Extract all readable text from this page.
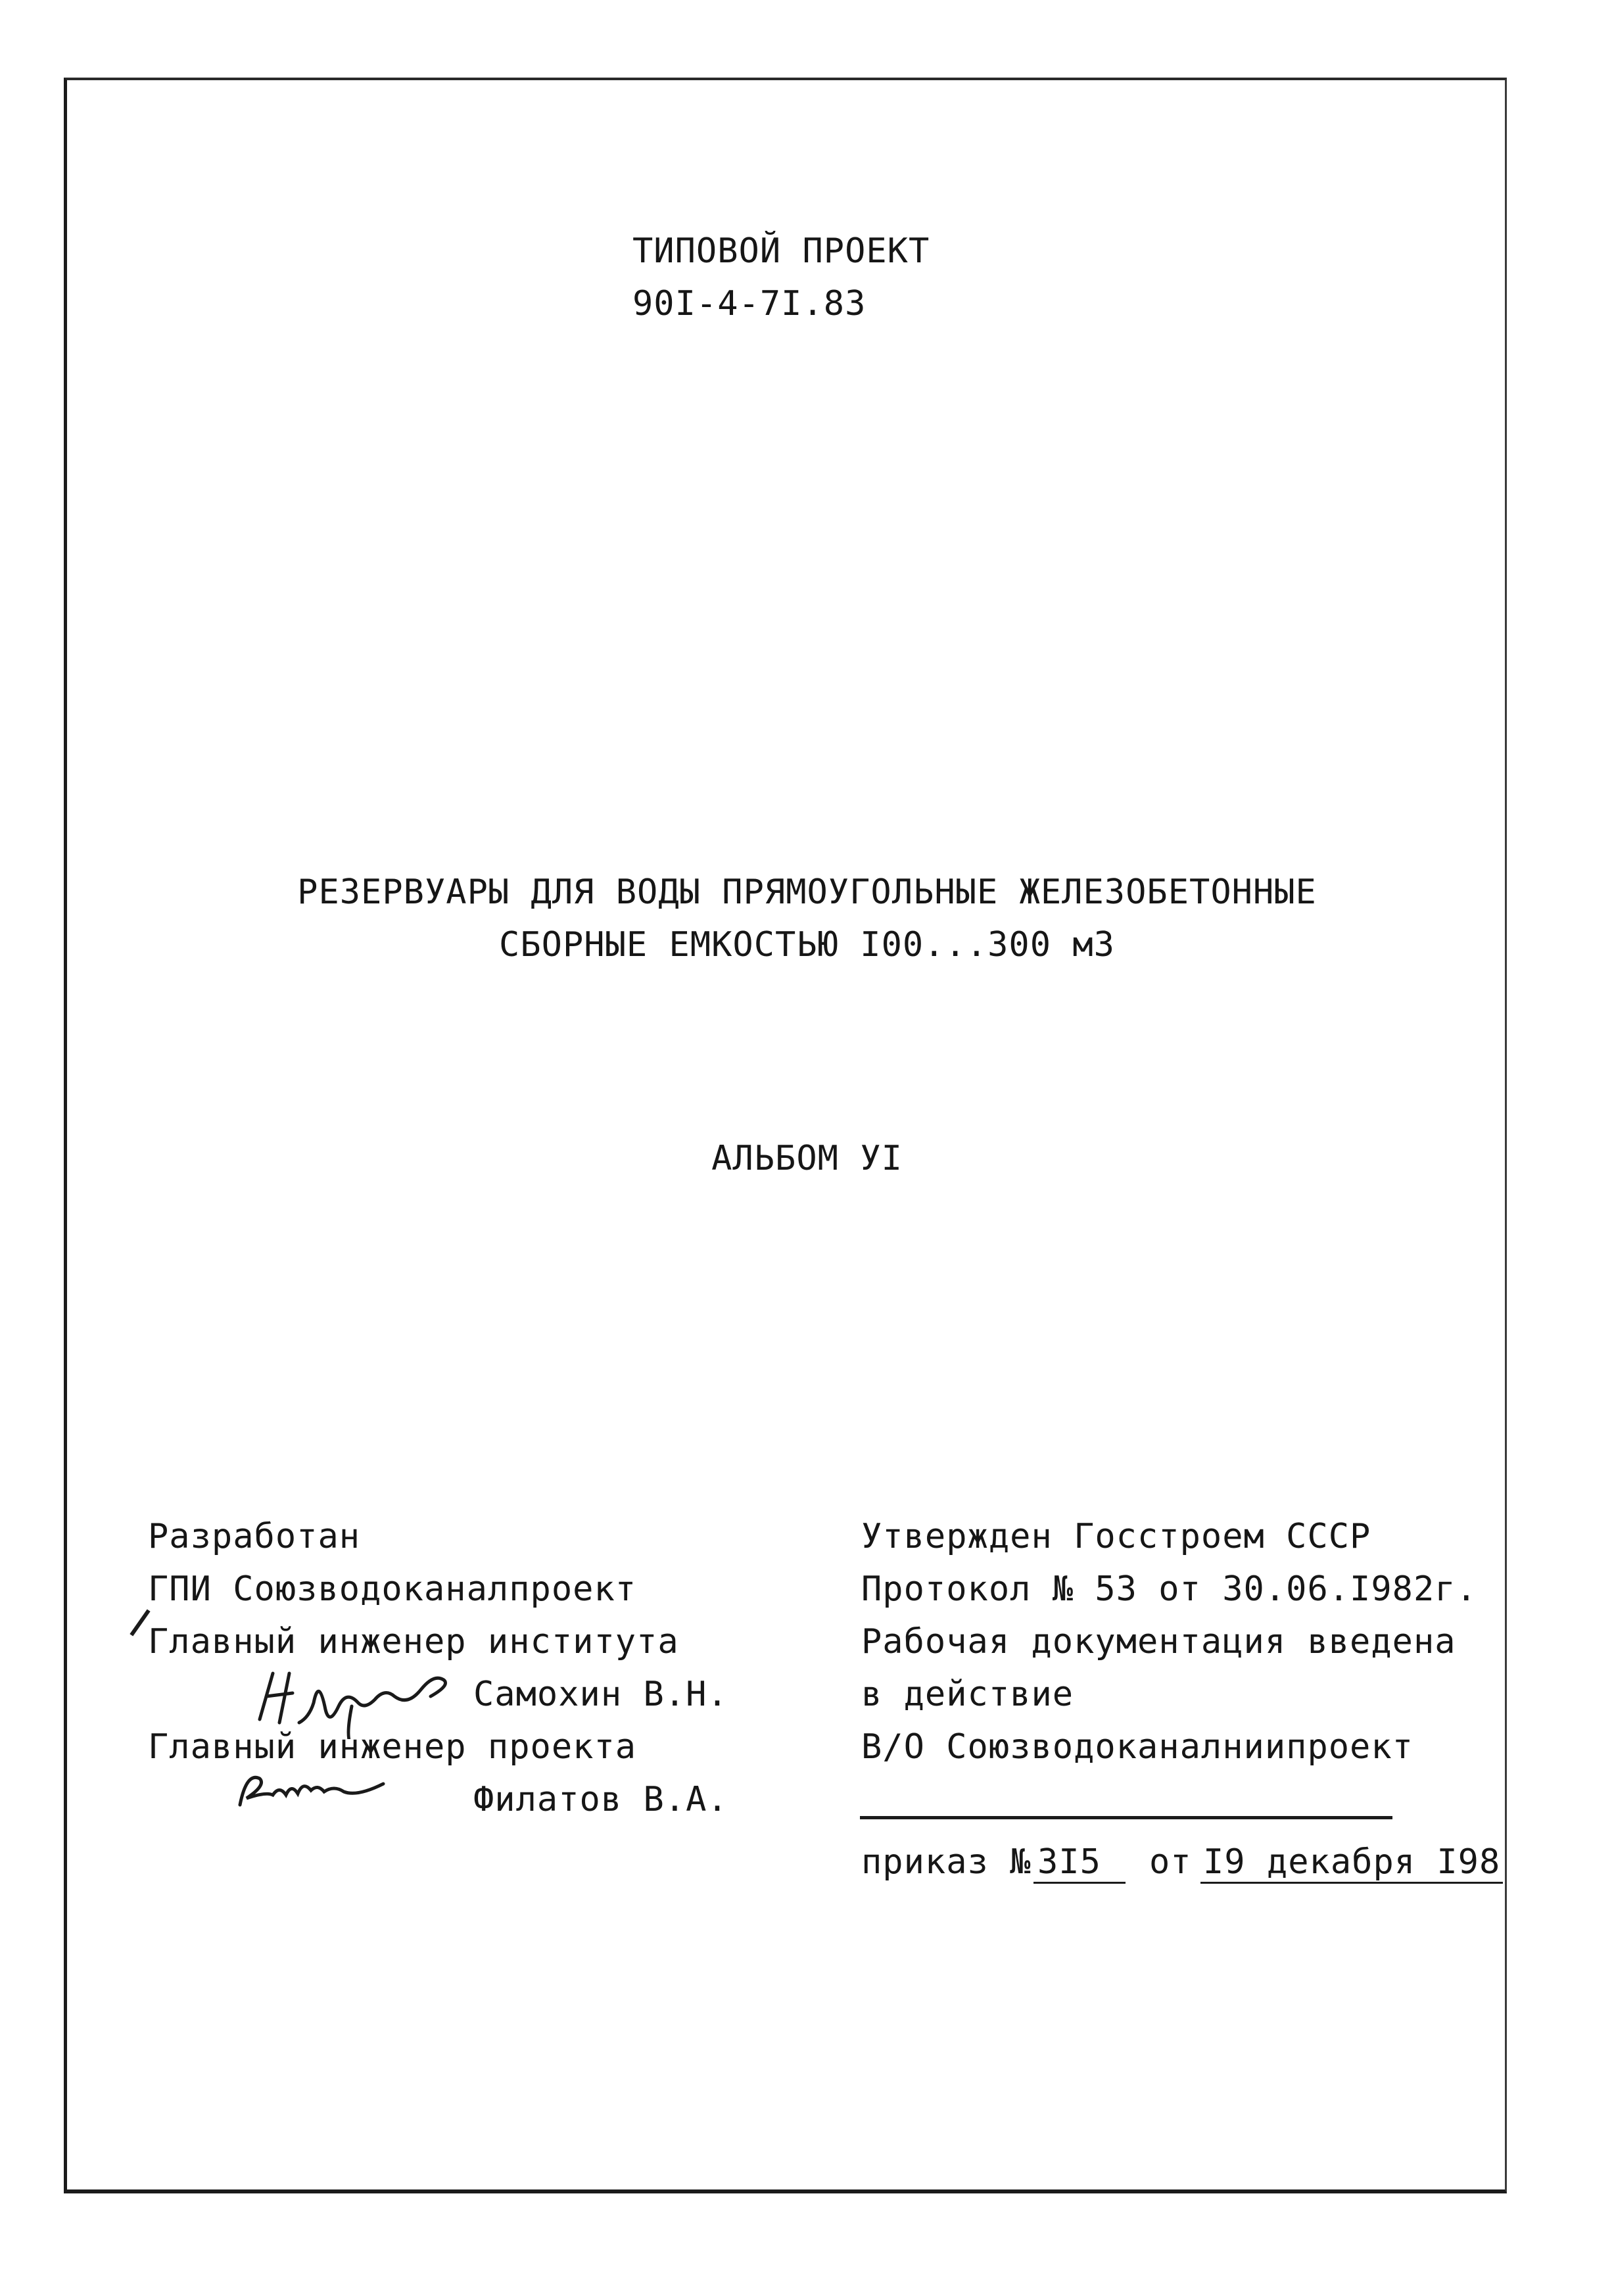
ТИПОВОЙ ПРОЕКТ
90I-4-7I.83
РЕЗЕРВУАРЫ ДЛЯ ВОДЫ ПРЯМОУГОЛЬНЫЕ ЖЕЛЕЗОБЕТОННЫЕ
СБОРНЫЕ ЕМКОСТЬЮ I00...300 м3
АЛЬБОМ УI
Разработан
ГПИ Союзводоканалпроект
Главный инженер института
Самохин В.Н.
Главный инженер проекта
Филатов В.А.
Утвержден Госстроем СССР
Протокол № 53 от 30.06.I982г.
Рабочая документация введена
в действие
В/О Союзводоканалниипроект
приказ № 3I5 от I9 декабря I98
